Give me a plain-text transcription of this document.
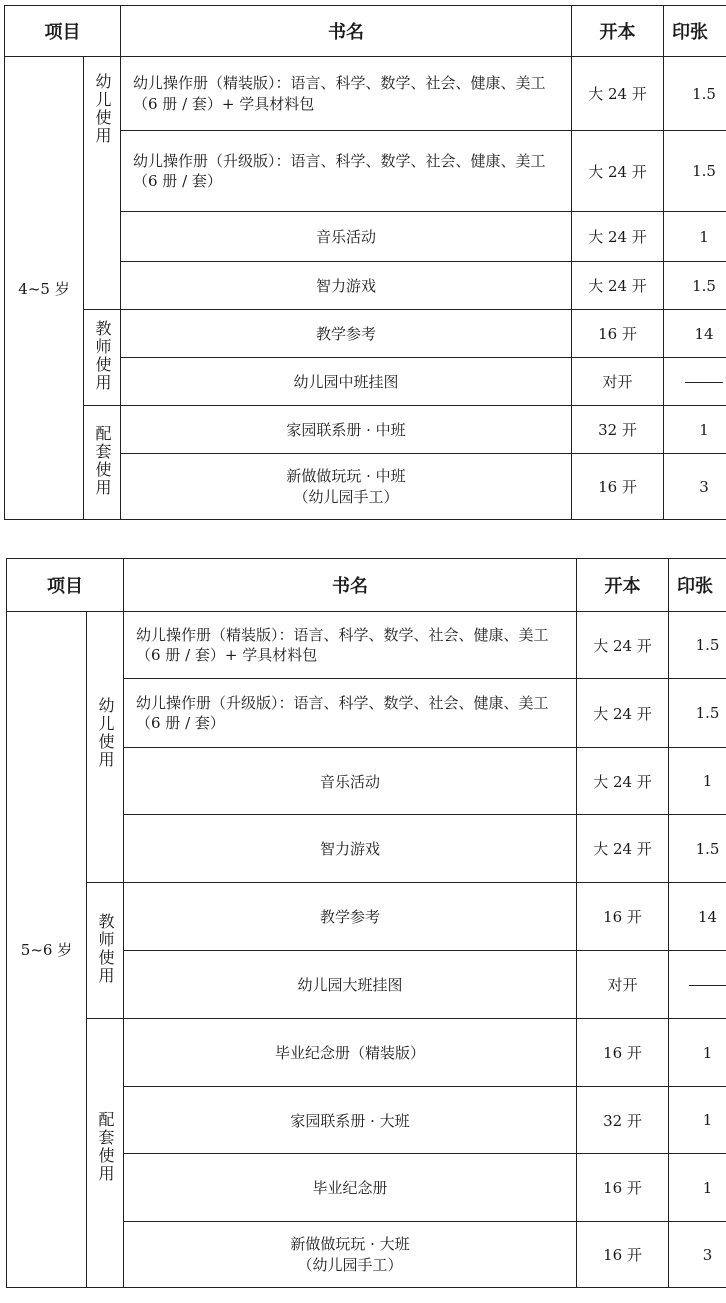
项目		书名	开本	印张
4~5 岁	幼儿使用	幼儿操作册（精装版）：语言、科学、数学、社会、健康、美工（6 册 / 套）+ 学具材料包	大 24 开	1.5
		幼儿操作册（升级版）：语言、科学、数学、社会、健康、美工（6 册 / 套）	大 24 开	1.5
		音乐活动	大 24 开	1
		智力游戏	大 24 开	1.5
	教师使用	教学参考	16 开	14
		幼儿园中班挂图	对开	
	配套使用	家园联系册 · 中班	32 开	1
		新做做玩玩 · 中班
（幼儿园手工）	16 开	3
项目		书名	开本	印张
5~6 岁	幼儿使用	幼儿操作册（精装版）：语言、科学、数学、社会、健康、美工（6 册 / 套）+ 学具材料包	大 24 开	1.5
		幼儿操作册（升级版）：语言、科学、数学、社会、健康、美工（6 册 / 套）	大 24 开	1.5
		音乐活动	大 24 开	1
		智力游戏	大 24 开	1.5
	教师使用	教学参考	16 开	14
		幼儿园大班挂图	对开	
	配套使用	毕业纪念册（精装版）	16 开	1
		家园联系册 · 大班	32 开	1
		毕业纪念册	16 开	1
		新做做玩玩 · 大班
（幼儿园手工）	16 开	3
